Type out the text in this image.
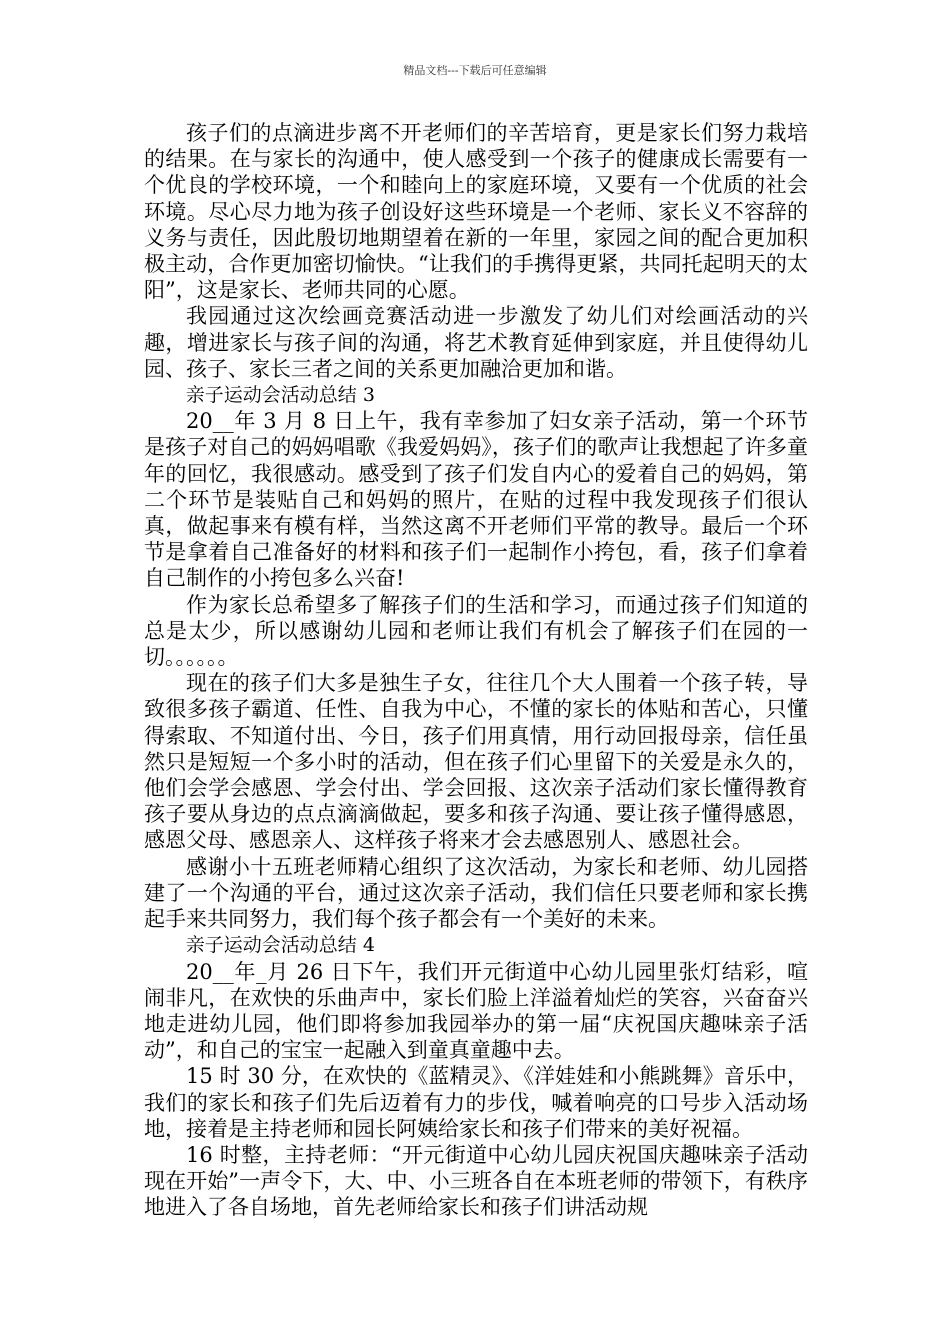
精品文档---下载后可任意编辑

孩子们的点滴进步离不开老师们的辛苦培育，更是家长们努力栽培的结果。在与家长的沟通中，使人感受到一个孩子的健康成长需要有一个优良的学校环境，一个和睦向上的家庭环境，又要有一个优质的社会环境。尽心尽力地为孩子创设好这些环境是一个老师、家长义不容辞的义务与责任，因此殷切地期望着在新的一年里，家园之间的配合更加积极主动，合作更加密切愉快。“让我们的手携得更紧，共同托起明天的太阳”，这是家长、老师共同的心愿。

我园通过这次绘画竞赛活动进一步激发了幼儿们对绘画活动的兴趣，增进家长与孩子间的沟通，将艺术教育延伸到家庭，并且使得幼儿园、孩子、家长三者之间的关系更加融洽更加和谐。

亲子运动会活动总结 3

20__年 3 月 8 日上午，我有幸参加了妇女亲子活动，第一个环节是孩子对自己的妈妈唱歌《我爱妈妈》，孩子们的歌声让我想起了许多童年的回忆，我很感动。感受到了孩子们发自内心的爱着自己的妈妈，第二个环节是装贴自己和妈妈的照片，在贴的过程中我发现孩子们很认真，做起事来有模有样，当然这离不开老师们平常的教导。最后一个环节是拿着自己准备好的材料和孩子们一起制作小挎包，看，孩子们拿着自己制作的小挎包多么兴奋!

作为家长总希望多了解孩子们的生活和学习，而通过孩子们知道的总是太少，所以感谢幼儿园和老师让我们有机会了解孩子们在园的一切。。。。。。

现在的孩子们大多是独生子女，往往几个大人围着一个孩子转，导致很多孩子霸道、任性、自我为中心，不懂的家长的体贴和苦心，只懂得索取、不知道付出、今日，孩子们用真情，用行动回报母亲，信任虽然只是短短一个多小时的活动，但在孩子们心里留下的关爱是永久的，他们会学会感恩、学会付出、学会回报、这次亲子活动们家长懂得教育孩子要从身边的点点滴滴做起，要多和孩子沟通、要让孩子懂得感恩，感恩父母、感恩亲人、这样孩子将来才会去感恩别人、感恩社会。

感谢小十五班老师精心组织了这次活动，为家长和老师、幼儿园搭建了一个沟通的平台，通过这次亲子活动，我们信任只要老师和家长携起手来共同努力，我们每个孩子都会有一个美好的未来。

亲子运动会活动总结 4

20__年_月 26 日下午，我们开元街道中心幼儿园里张灯结彩，喧闹非凡，在欢快的乐曲声中，家长们脸上洋溢着灿烂的笑容，兴奋奋兴地走进幼儿园，他们即将参加我园举办的第一届“庆祝国庆趣味亲子活动”，和自己的宝宝一起融入到童真童趣中去。

15 时 30 分，在欢快的《蓝精灵》、《洋娃娃和小熊跳舞》音乐中，我们的家长和孩子们先后迈着有力的步伐，喊着响亮的口号步入活动场地，接着是主持老师和园长阿姨给家长和孩子们带来的美好祝福。

16 时整，主持老师：“开元街道中心幼儿园庆祝国庆趣味亲子活动现在开始”一声令下，大、中、小三班各自在本班老师的带领下，有秩序地进入了各自场地，首先老师给家长和孩子们讲活动规
